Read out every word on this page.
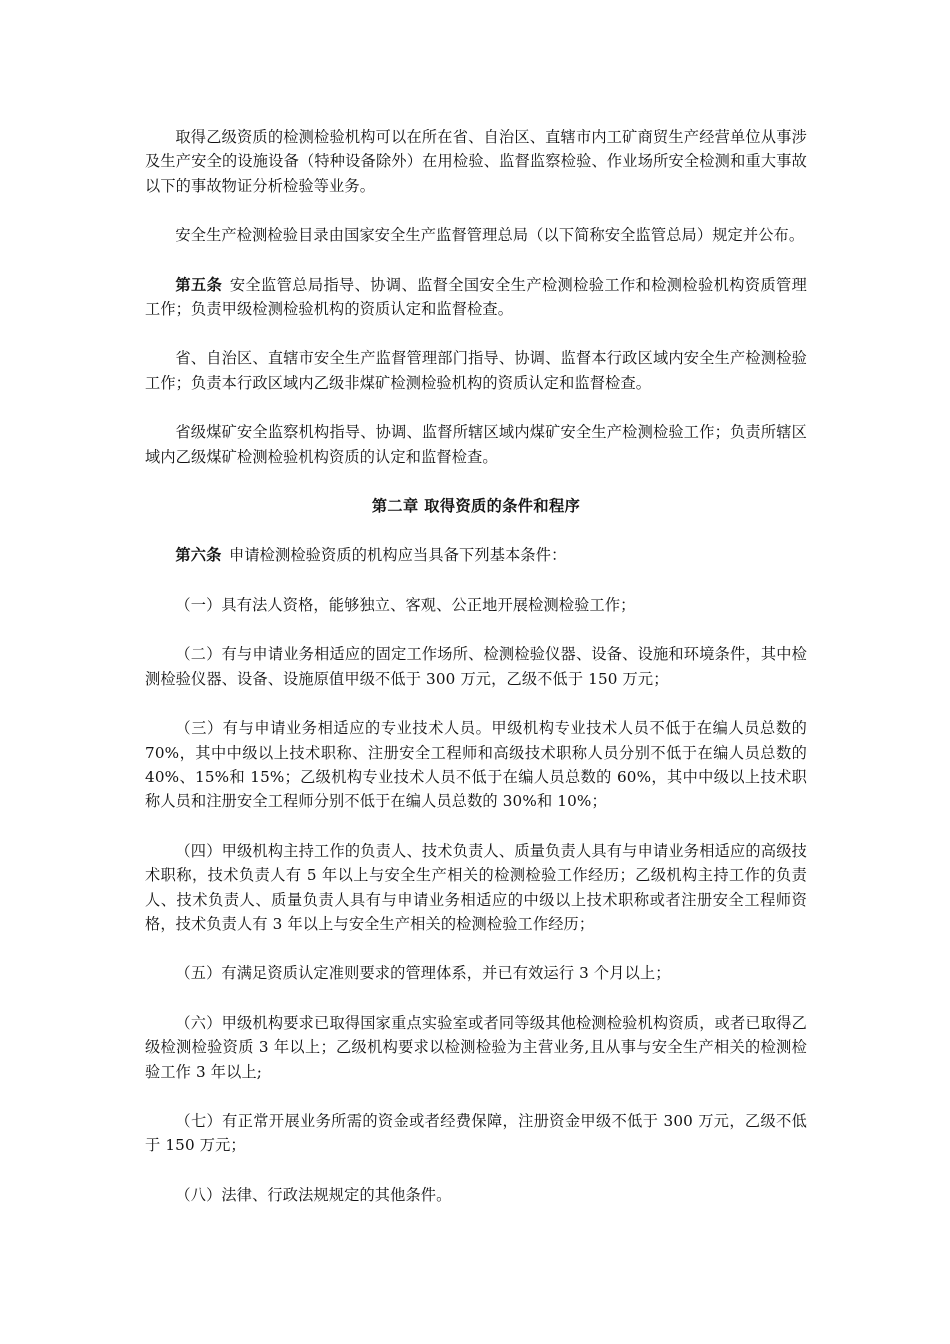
取得乙级资质的检测检验机构可以在所在省、自治区、直辖市内工矿商贸生产经营单位从事涉及生产安全的设施设备（特种设备除外）在用检验、监督监察检验、作业场所安全检测和重大事故以下的事故物证分析检验等业务。

安全生产检测检验目录由国家安全生产监督管理总局（以下简称安全监管总局）规定并公布。

第五条 安全监管总局指导、协调、监督全国安全生产检测检验工作和检测检验机构资质管理工作；负责甲级检测检验机构的资质认定和监督检查。

省、自治区、直辖市安全生产监督管理部门指导、协调、监督本行政区域内安全生产检测检验工作；负责本行政区域内乙级非煤矿检测检验机构的资质认定和监督检查。

省级煤矿安全监察机构指导、协调、监督所辖区域内煤矿安全生产检测检验工作；负责所辖区域内乙级煤矿检测检验机构资质的认定和监督检查。

第二章 取得资质的条件和程序

第六条 申请检测检验资质的机构应当具备下列基本条件：

（一）具有法人资格，能够独立、客观、公正地开展检测检验工作；

（二）有与申请业务相适应的固定工作场所、检测检验仪器、设备、设施和环境条件，其中检测检验仪器、设备、设施原值甲级不低于 300 万元，乙级不低于 150 万元；

（三）有与申请业务相适应的专业技术人员。甲级机构专业技术人员不低于在编人员总数的 70%，其中中级以上技术职称、注册安全工程师和高级技术职称人员分别不低于在编人员总数的 40%、15%和 15%；乙级机构专业技术人员不低于在编人员总数的 60%，其中中级以上技术职称人员和注册安全工程师分别不低于在编人员总数的 30%和 10%；

（四）甲级机构主持工作的负责人、技术负责人、质量负责人具有与申请业务相适应的高级技术职称，技术负责人有 5 年以上与安全生产相关的检测检验工作经历；乙级机构主持工作的负责人、技术负责人、质量负责人具有与申请业务相适应的中级以上技术职称或者注册安全工程师资格，技术负责人有 3 年以上与安全生产相关的检测检验工作经历；

（五）有满足资质认定准则要求的管理体系，并已有效运行 3 个月以上；

（六）甲级机构要求已取得国家重点实验室或者同等级其他检测检验机构资质，或者已取得乙级检测检验资质 3 年以上；乙级机构要求以检测检验为主营业务,且从事与安全生产相关的检测检验工作 3 年以上;

（七）有正常开展业务所需的资金或者经费保障，注册资金甲级不低于 300 万元，乙级不低于 150 万元；

（八）法律、行政法规规定的其他条件。
